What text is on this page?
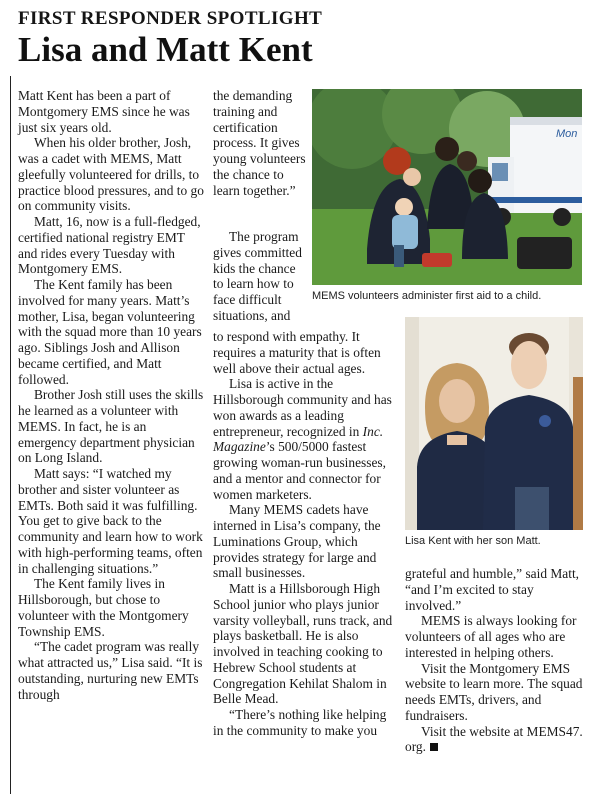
FIRST RESPONDER SPOTLIGHT
Lisa and Matt Kent

Matt Kent has been a part of Montgomery EMS since he was just six years old.

When his older brother, Josh, was a cadet with MEMS, Matt gleefully volunteered for drills, to practice blood pressures, and to go on community visits.

Matt, 16, now is a full-fledged, certified national registry EMT and rides every Tuesday with Montgomery EMS.

The Kent family has been involved for many years. Matt’s mother, Lisa, began volunteering with the squad more than 10 years ago. Siblings Josh and Allison became certified, and Matt followed.

Brother Josh still uses the skills he learned as a volunteer with MEMS. In fact, he is an emergency department physician on Long Island.

Matt says: “I watched my brother and sister volunteer as EMTs. Both said it was fulfilling. You get to give back to the community and learn how to work with high-performing teams, often in challenging situations.”

The Kent family lives in Hillsborough, but chose to volunteer with the Montgomery Township EMS.

“The cadet program was really what attracted us,” Lisa said. “It is outstanding, nurturing new EMTs through

the demanding training and certification process. It gives young volunteers the chance to learn together.”

The program gives committed kids the chance to learn how to face difficult situations, and

to respond with empathy. It requires a maturity that is often well above their actual ages.

Lisa is active in the Hillsborough community and has won awards as a leading entrepreneur, recognized in Inc. Magazine’s 500/5000 fastest growing woman-run businesses, and a mentor and connector for women marketers.

Many MEMS cadets have interned in Lisa’s company, the Luminations Group, which provides strategy for large and small businesses.

Matt is a Hillsborough High School junior who plays junior varsity volleyball, runs track, and plays basketball. He is also involved in teaching cooking to Hebrew School students at Congregation Kehilat Shalom in Belle Mead.

“There’s nothing like helping in the community to make you

Mon
MEMS volunteers administer first aid to a child.
Lisa Kent with her son Matt.

grateful and humble,” said Matt, “and I’m excited to stay involved.”

MEMS is always looking for volunteers of all ages who are interested in helping others.

Visit the Montgomery EMS website to learn more. The squad needs EMTs, drivers, and fundraisers.

Visit the website at MEMS47. org.
